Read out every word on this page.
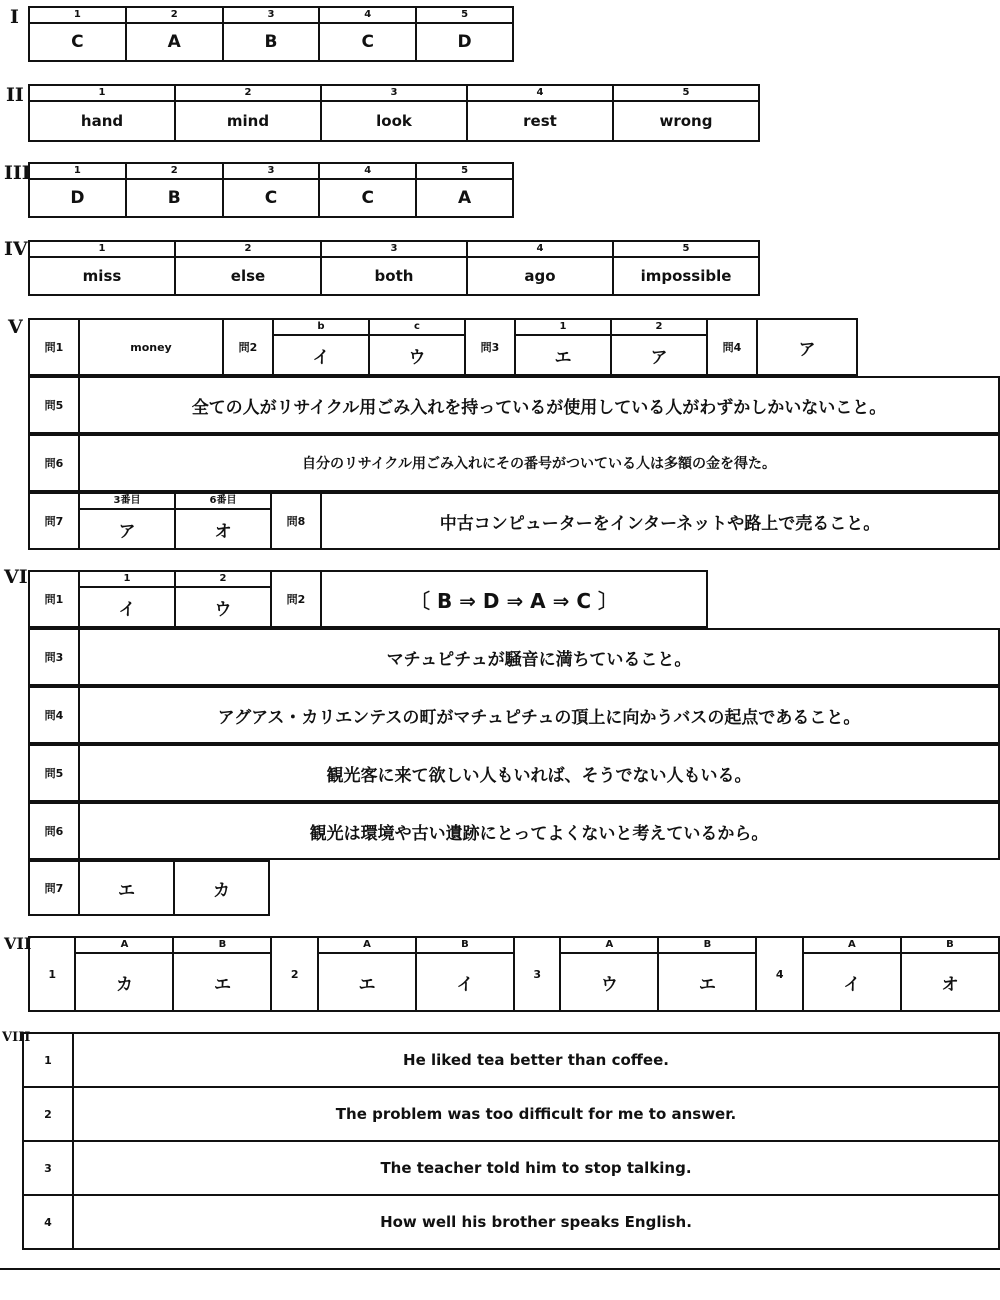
I	1	2	3	4	5
C	A	B	C	D
II	1	2	3	4	5
hand	mind	look	rest	wrong
III	1	2	3	4	5
D	B	C	C	A
IV	1	2	3	4	5
miss	else	both	ago	impossible
V
問1	money	問2	b	c	問3	1	2	問4	ア
			イ	ウ		エ	ア		
問5	全ての人がリサイクル用ごみ入れを持っているが使用している人がわずかしかいないこと。
問6	自分のリサイクル用ごみ入れにその番号がついている人は多額の金を得た。
問7	3番目	6番目	問8	中古コンピューターをインターネットや路上で売ること。
	ア	オ		
VI
問1	1	2	問2	〔 B ⇒ D ⇒ A ⇒ C 〕
	イ	ウ		
問3	マチュピチュが騒音に満ちていること。
問4	アグアス・カリエンテスの町がマチュピチュの頂上に向かうバスの起点であること。
問5	観光客に来て欲しい人もいれば、そうでない人もいる。
問6	観光は環境や古い遺跡にとってよくないと考えているから。
問7	エ	カ
VII
1	A	B	2	A	B	3	A	B	4	A	B
	カ	エ		エ	イ		ウ	エ		イ	オ
VIII
1	He liked tea better than coffee.
2	The problem was too difficult for me to answer.
3	The teacher told him to stop talking.
4	How well his brother speaks English.
